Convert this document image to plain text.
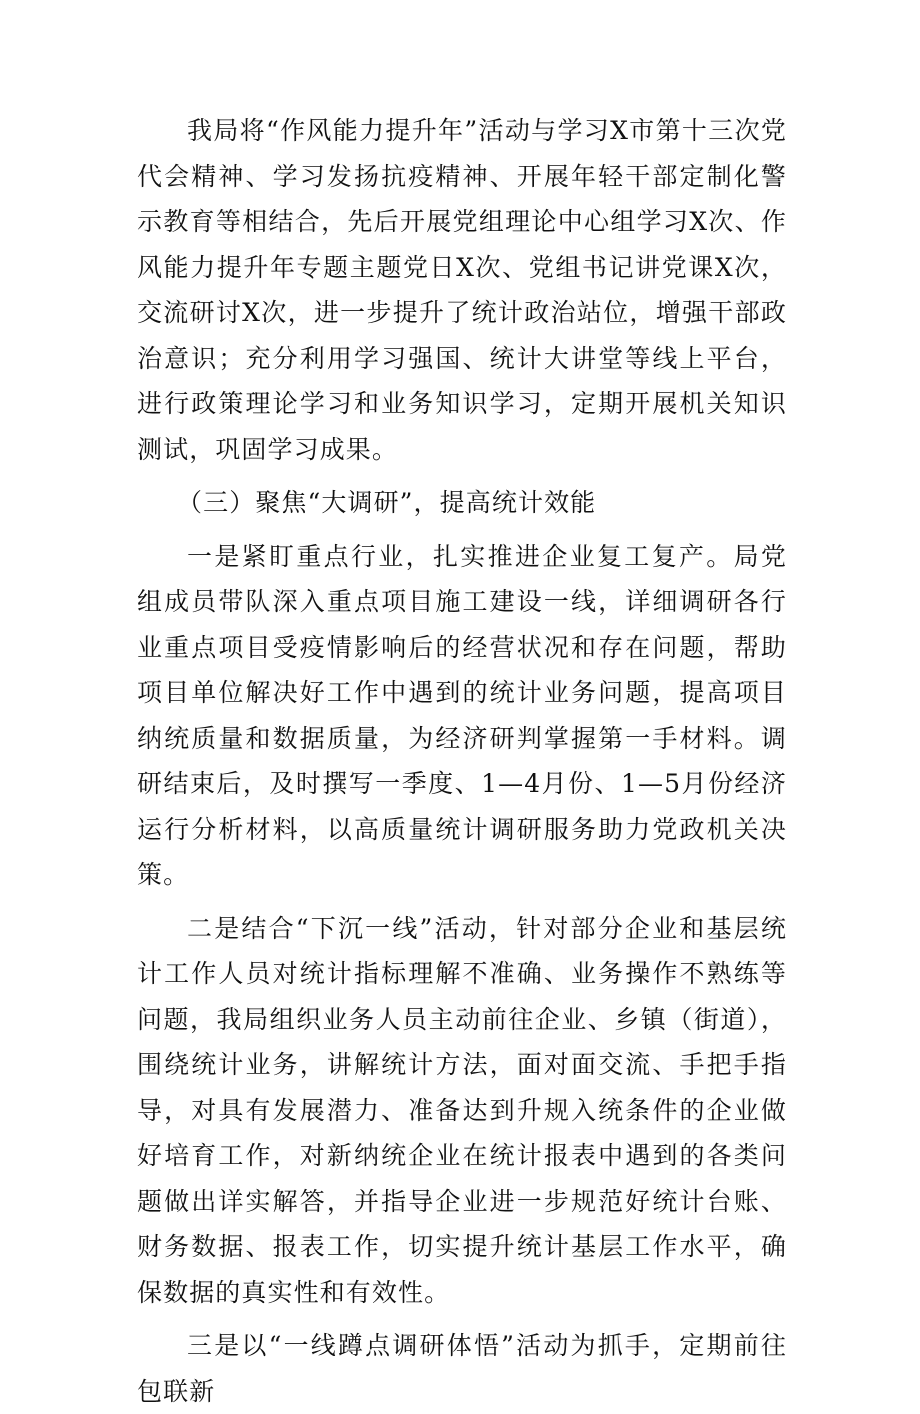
我局将“作风能力提升年”活动与学习X市第十三次党代会精神、学习发扬抗疫精神、开展年轻干部定制化警示教育等相结合，先后开展党组理论中心组学习X次、作风能力提升年专题主题党日X次、党组书记讲党课X次，交流研讨X次，进一步提升了统计政治站位，增强干部政治意识；充分利用学习强国、统计大讲堂等线上平台，进行政策理论学习和业务知识学习，定期开展机关知识测试，巩固学习成果。

（三）聚焦“大调研”，提高统计效能

一是紧盯重点行业，扎实推进企业复工复产。局党组成员带队深入重点项目施工建设一线，详细调研各行业重点项目受疫情影响后的经营状况和存在问题，帮助项目单位解决好工作中遇到的统计业务问题，提高项目纳统质量和数据质量，为经济研判掌握第一手材料。调研结束后，及时撰写一季度、1—4月份、1—5月份经济运行分析材料，以高质量统计调研服务助力党政机关决策。

二是结合“下沉一线”活动，针对部分企业和基层统计工作人员对统计指标理解不准确、业务操作不熟练等问题，我局组织业务人员主动前往企业、乡镇（街道），围绕统计业务，讲解统计方法，面对面交流、手把手指导，对具有发展潜力、准备达到升规入统条件的企业做好培育工作，对新纳统企业在统计报表中遇到的各类问题做出详实解答，并指导企业进一步规范好统计台账、财务数据、报表工作，切实提升统计基层工作水平，确保数据的真实性和有效性。

三是以“一线蹲点调研体悟”活动为抓手，定期前往包联新
